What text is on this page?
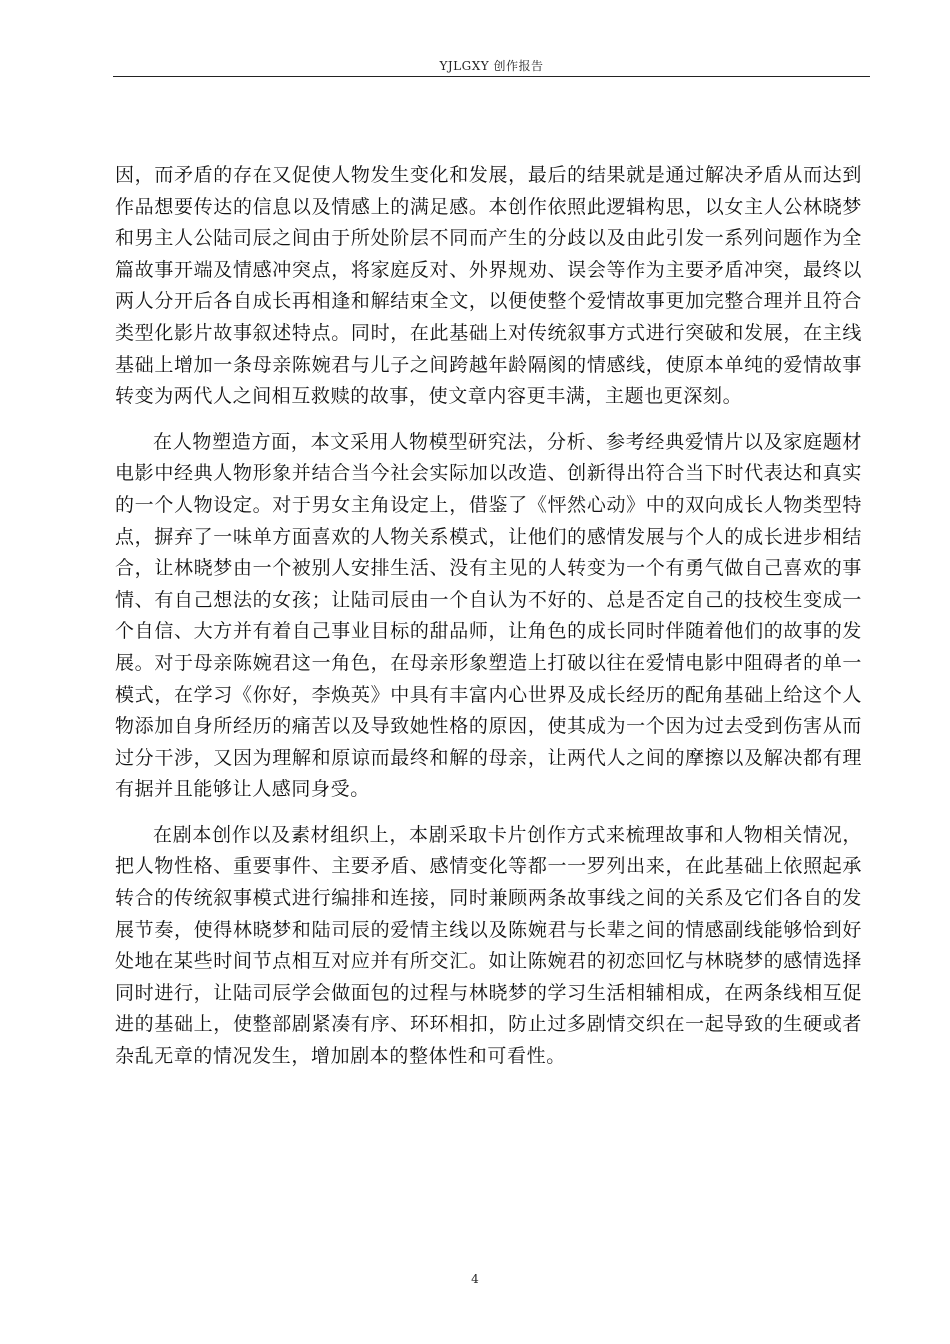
YJLGXY 创作报告

因，而矛盾的存在又促使人物发生变化和发展，最后的结果就是通过解决矛盾从而达到作品想要传达的信息以及情感上的满足感。本创作依照此逻辑构思，以女主人公林晓梦和男主人公陆司辰之间由于所处阶层不同而产生的分歧以及由此引发一系列问题作为全篇故事开端及情感冲突点，将家庭反对、外界规劝、误会等作为主要矛盾冲突，最终以两人分开后各自成长再相逢和解结束全文，以便使整个爱情故事更加完整合理并且符合类型化影片故事叙述特点。同时，在此基础上对传统叙事方式进行突破和发展，在主线基础上增加一条母亲陈婉君与儿子之间跨越年龄隔阂的情感线，使原本单纯的爱情故事转变为两代人之间相互救赎的故事，使文章内容更丰满，主题也更深刻。

在人物塑造方面，本文采用人物模型研究法，分析、参考经典爱情片以及家庭题材电影中经典人物形象并结合当今社会实际加以改造、创新得出符合当下时代表达和真实的一个人物设定。对于男女主角设定上，借鉴了《怦然心动》中的双向成长人物类型特点，摒弃了一味单方面喜欢的人物关系模式，让他们的感情发展与个人的成长进步相结合，让林晓梦由一个被别人安排生活、没有主见的人转变为一个有勇气做自己喜欢的事情、有自己想法的女孩；让陆司辰由一个自认为不好的、总是否定自己的技校生变成一个自信、大方并有着自己事业目标的甜品师，让角色的成长同时伴随着他们的故事的发展。对于母亲陈婉君这一角色，在母亲形象塑造上打破以往在爱情电影中阻碍者的单一模式，在学习《你好，李焕英》中具有丰富内心世界及成长经历的配角基础上给这个人物添加自身所经历的痛苦以及导致她性格的原因，使其成为一个因为过去受到伤害从而过分干涉，又因为理解和原谅而最终和解的母亲，让两代人之间的摩擦以及解决都有理有据并且能够让人感同身受。

在剧本创作以及素材组织上，本剧采取卡片创作方式来梳理故事和人物相关情况，把人物性格、重要事件、主要矛盾、感情变化等都一一罗列出来，在此基础上依照起承转合的传统叙事模式进行编排和连接，同时兼顾两条故事线之间的关系及它们各自的发展节奏，使得林晓梦和陆司辰的爱情主线以及陈婉君与长辈之间的情感副线能够恰到好处地在某些时间节点相互对应并有所交汇。如让陈婉君的初恋回忆与林晓梦的感情选择同时进行，让陆司辰学会做面包的过程与林晓梦的学习生活相辅相成，在两条线相互促进的基础上，使整部剧紧凑有序、环环相扣，防止过多剧情交织在一起导致的生硬或者杂乱无章的情况发生，增加剧本的整体性和可看性。

4
